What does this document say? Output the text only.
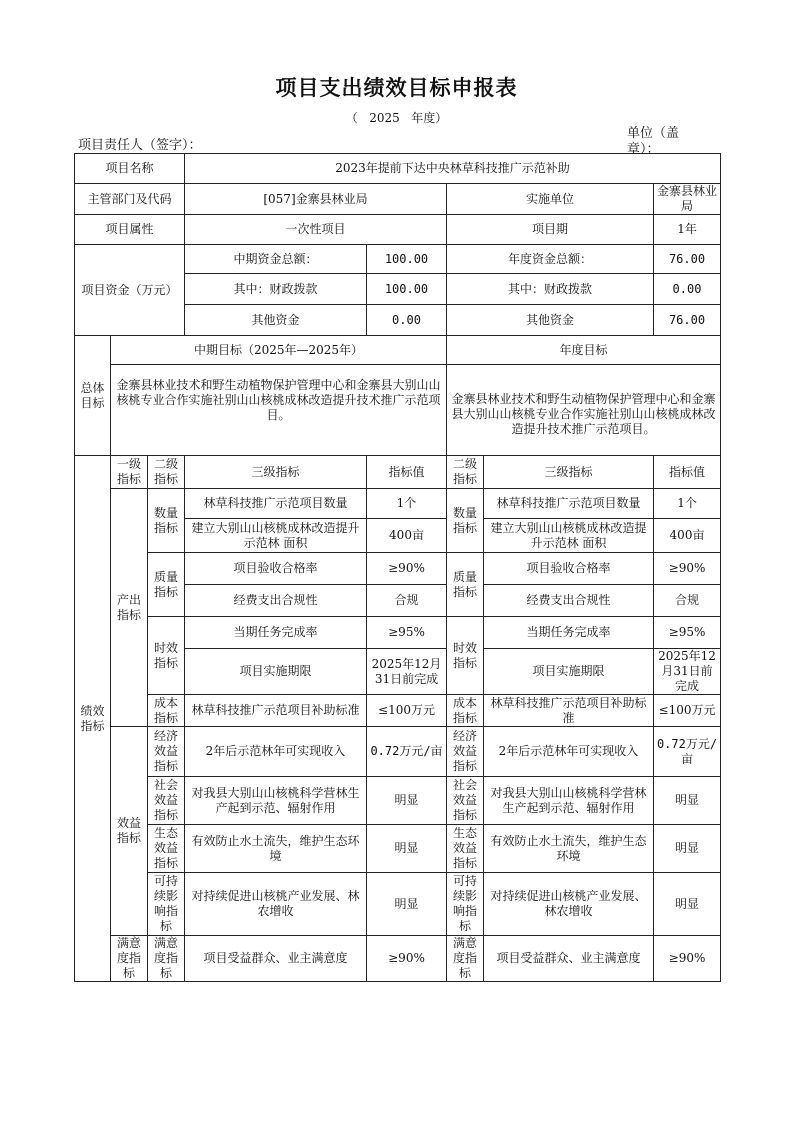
项目支出绩效目标申报表
（   2025   年度）
项目责任人（签字）：
单位（盖章）：
项目名称			2023年提前下达中央林草科技推广示范补助				
主管部门及代码			[057]金寨县林业局		实施单位		金寨县林业局
项目属性			一次性项目		项目期		1年
项目资金（万元）			中期资金总额：	100.00	年度资金总额：		76.00
			其中：财政拨款	100.00	其中：财政拨款		0.00
			其他资金	0.00	其他资金		76.00
总体目标	中期目标（2025年—2025年）				年度目标		
	金寨县林业技术和野生动植物保护管理中心和金寨县大别山山核桃专业合作实施社别山山核桃成林改造提升技术推广示范项目。				金寨县林业技术和野生动植物保护管理中心和金寨县大别山山核桃专业合作实施社别山山核桃成林改造提升技术推广示范项目。		
绩效指标	一级指标	二级指标	三级指标	指标值	二级指标	三级指标	指标值
	产出指标	数量指标	林草科技推广示范项目数量	1个	数量指标	林草科技推广示范项目数量	1个
			建立大别山山核桃成林改造提升示范林 面积	400亩		建立大别山山核桃成林改造提升示范林 面积	400亩
		质量指标	项目验收合格率	≥90%	质量指标	项目验收合格率	≥90%
			经费支出合规性	合规		经费支出合规性	合规
		时效指标	当期任务完成率	≥95%	时效指标	当期任务完成率	≥95%
			项目实施期限	2025年12月31日前完成		项目实施期限	2025年12月31日前完成
		成本指标	林草科技推广示范项目补助标准	≤100万元	成本指标	林草科技推广示范项目补助标准	≤100万元
	效益指标	经济效益指标	2年后示范林年可实现收入	0.72万元/亩	经济效益指标	2年后示范林年可实现收入	0.72万元/亩
		社会效益指标	对我县大别山山核桃科学营林生产起到示范、辐射作用	明显	社会效益指标	对我县大别山山核桃科学营林生产起到示范、辐射作用	明显
		生态效益指标	有效防止水土流失，维护生态环境	明显	生态效益指标	有效防止水土流失，维护生态环境	明显
		可持续影响指标	对持续促进山核桃产业发展、林农增收	明显	可持续影响指标	对持续促进山核桃产业发展、林农增收	明显
	满意度指标	满意度指标	项目受益群众、业主满意度	≥90%	满意度指标	项目受益群众、业主满意度	≥90%
